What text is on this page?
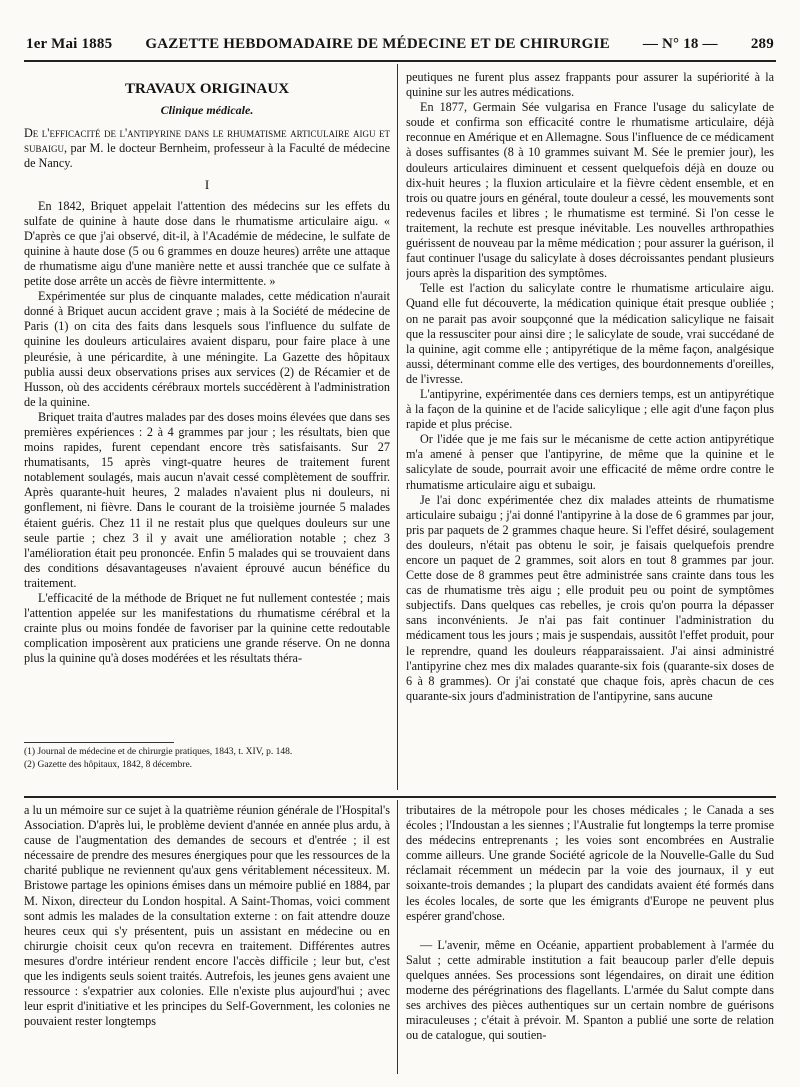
1er Mai 1885 GAZETTE HEBDOMADAIRE DE MÉDECINE ET DE CHIRURGIE — N° 18 — 289
TRAVAUX ORIGINAUX
Clinique médicale.

De l'efficacité de l'antipyrine dans le rhumatisme articulaire aigu et subaigu, par M. le docteur Bernheim, professeur à la Faculté de médecine de Nancy.

I

En 1842, Briquet appelait l'attention des médecins sur les effets du sulfate de quinine à haute dose dans le rhumatisme articulaire aigu. « D'après ce que j'ai observé, dit-il, à l'Académie de médecine, le sulfate de quinine à haute dose (5 ou 6 grammes en douze heures) arrête une attaque de rhumatisme aigu d'une manière nette et aussi tranchée que ce sulfate à petite dose arrête un accès de fièvre intermittente. »

Expérimentée sur plus de cinquante malades, cette médication n'aurait donné à Briquet aucun accident grave ; mais à la Société de médecine de Paris (1) on cita des faits dans lesquels sous l'influence du sulfate de quinine les douleurs articulaires avaient disparu, pour faire place à une pleurésie, à une péricardite, à une méningite. La Gazette des hôpitaux publia aussi deux observations prises aux services (2) de Récamier et de Husson, où des accidents cérébraux mortels succédèrent à l'administration de la quinine.

Briquet traita d'autres malades par des doses moins élevées que dans ses premières expériences : 2 à 4 grammes par jour ; les résultats, bien que moins rapides, furent cependant encore très satisfaisants. Sur 27 rhumatisants, 15 après vingt-quatre heures de traitement furent notablement soulagés, mais aucun n'avait cessé complètement de souffrir. Après quarante-huit heures, 2 malades n'avaient plus ni douleurs, ni gonflement, ni fièvre. Dans le courant de la troisième journée 5 malades étaient guéris. Chez 11 il ne restait plus que quelques douleurs sur une seule partie ; chez 3 il y avait une amélioration notable ; chez 3 l'amélioration était peu prononcée. Enfin 5 malades qui se trouvaient dans des conditions désavantageuses n'avaient éprouvé aucun bénéfice du traitement.

L'efficacité de la méthode de Briquet ne fut nullement contestée ; mais l'attention appelée sur les manifestations du rhumatisme cérébral et la crainte plus ou moins fondée de favoriser par la quinine cette redoutable complication imposèrent aux praticiens une grande réserve. On ne donna plus la quinine qu'à doses modérées et les résultats théra-

(1) Journal de médecine et de chirurgie pratiques, 1843, t. XIV, p. 148.
(2) Gazette des hôpitaux, 1842, 8 décembre.

peutiques ne furent plus assez frappants pour assurer la supériorité à la quinine sur les autres médications.

En 1877, Germain Sée vulgarisa en France l'usage du salicylate de soude et confirma son efficacité contre le rhumatisme articulaire, déjà reconnue en Amérique et en Allemagne. Sous l'influence de ce médicament à doses suffisantes (8 à 10 grammes suivant M. Sée le premier jour), les douleurs articulaires diminuent et cessent quelquefois déjà en douze ou dix-huit heures ; la fluxion articulaire et la fièvre cèdent ensemble, et en trois ou quatre jours en général, toute douleur a cessé, les mouvements sont redevenus faciles et libres ; le rhumatisme est terminé. Si l'on cesse le traitement, la rechute est presque inévitable. Les nouvelles arthropathies guérissent de nouveau par la même médication ; pour assurer la guérison, il faut continuer l'usage du salicylate à doses décroissantes pendant plusieurs jours après la disparition des symptômes.

Telle est l'action du salicylate contre le rhumatisme articulaire aigu. Quand elle fut découverte, la médication quinique était presque oubliée ; on ne parait pas avoir soupçonné que la médication salicylique ne faisait que la ressusciter pour ainsi dire ; le salicylate de soude, vrai succédané de la quinine, agit comme elle ; antipyrétique de la même façon, analgésique aussi, déterminant comme elle des vertiges, des bourdonnements d'oreilles, de l'ivresse.

L'antipyrine, expérimentée dans ces derniers temps, est un antipyrétique à la façon de la quinine et de l'acide salicylique ; elle agit d'une façon plus rapide et plus précise.

Or l'idée que je me fais sur le mécanisme de cette action antipyrétique m'a amené à penser que l'antipyrine, de même que la quinine et le salicylate de soude, pourrait avoir une efficacité de même ordre contre le rhumatisme articulaire aigu et subaigu.

Je l'ai donc expérimentée chez dix malades atteints de rhumatisme articulaire subaigu ; j'ai donné l'antipyrine à la dose de 6 grammes par jour, pris par paquets de 2 grammes chaque heure. Si l'effet désiré, soulagement des douleurs, n'était pas obtenu le soir, je faisais quelquefois prendre encore un paquet de 2 grammes, soit alors en tout 8 grammes par jour. Cette dose de 8 grammes peut être administrée sans crainte dans tous les cas de rhumatisme très aigu ; elle produit peu ou point de symptômes subjectifs. Dans quelques cas rebelles, je crois qu'on pourra la dépasser sans inconvénients. Je n'ai pas fait continuer l'administration du médicament tous les jours ; mais je suspendais, aussitôt l'effet produit, pour le reprendre, quand les douleurs réapparaissaient. J'ai ainsi administré l'antipyrine chez mes dix malades quarante-six fois (quarante-six doses de 6 à 8 grammes). Or j'ai constaté que chaque fois, après chacun de ces quarante-six jours d'administration de l'antipyrine, sans aucune

a lu un mémoire sur ce sujet à la quatrième réunion générale de l'Hospital's Association. D'après lui, le problème devient d'année en année plus ardu, à cause de l'augmentation des demandes de secours et d'entrée ; il est nécessaire de prendre des mesures énergiques pour que les ressources de la charité publique ne reviennent qu'aux gens véritablement nécessiteux. M. Bristowe partage les opinions émises dans un mémoire publié en 1884, par M. Nixon, directeur du London hospital. A Saint-Thomas, voici comment sont admis les malades de la consultation externe : on fait attendre douze heures ceux qui s'y présentent, puis un assistant en médecine ou en chirurgie choisit ceux qu'on recevra en traitement. Différentes autres mesures d'ordre intérieur rendent encore l'accès difficile ; leur but, c'est que les indigents seuls soient traités. Autrefois, les jeunes gens avaient une ressource : s'expatrier aux colonies. Elle n'existe plus aujourd'hui ; avec leur esprit d'initiative et les principes du Self-Government, les colonies ne pouvaient rester longtemps

tributaires de la métropole pour les choses médicales ; le Canada a ses écoles ; l'Indoustan a les siennes ; l'Australie fut longtemps la terre promise des médecins entreprenants ; les voies sont encombrées en Australie comme ailleurs. Une grande Société agricole de la Nouvelle-Galle du Sud réclamait récemment un médecin par la voie des journaux, il y eut soixante-trois demandes ; la plupart des candidats avaient été formés dans les écoles locales, de sorte que les émigrants d'Europe ne peuvent plus espérer grand'chose.

— L'avenir, même en Océanie, appartient probablement à l'armée du Salut ; cette admirable institution a fait beaucoup parler d'elle depuis quelques années. Ses processions sont légendaires, on dirait une édition moderne des pérégrinations des flagellants. L'armée du Salut compte dans ses archives des pièces authentiques sur un certain nombre de guérisons miraculeuses ; c'était à prévoir. M. Spanton a publié une sorte de relation ou de catalogue, qui soutien-
